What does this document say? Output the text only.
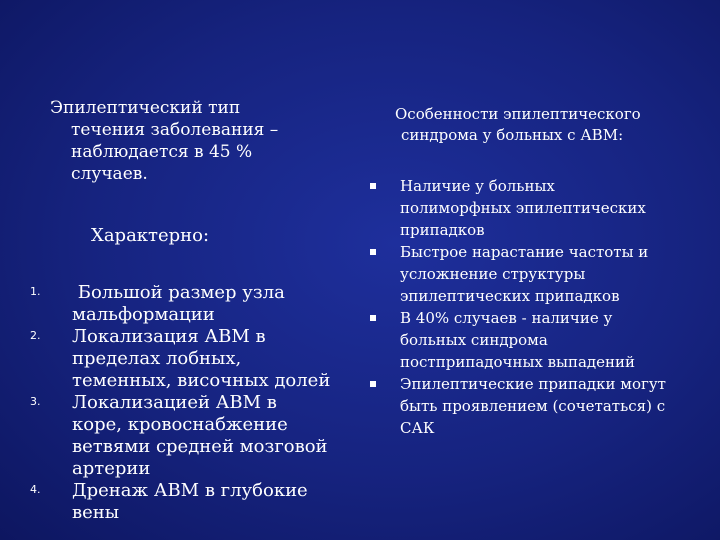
Эпилептический тип
течения заболевания –
наблюдается в 45 %
случаев.
Характерно:
1. Большой размер узла
мальформации
2. Локализация АВМ в
пределах лобных,
теменных, височных долей
3. Локализацией АВМ в
коре, кровоснабжение
ветвями средней мозговой
артерии
4. Дренаж АВМ в глубокие
вены
Особенности эпилептического
синдрома у больных с АВМ:
Наличие у больных
полиморфных эпилептических
припадков
Быстрое нарастание частоты и
усложнение структуры
эпилептических припадков
В 40% случаев - наличие у
больных синдрома
постприпадочных выпадений
Эпилептические припадки могут
быть проявлением (сочетаться) с
САК
